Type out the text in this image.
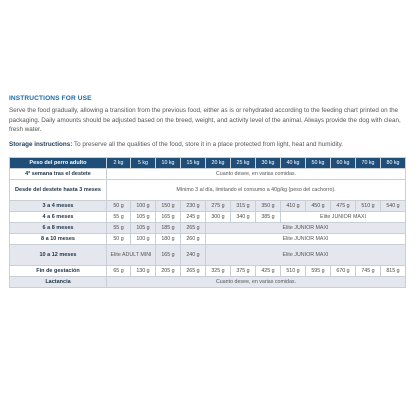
INSTRUCTIONS FOR USE
Serve the food gradually, allowing a transition from the previous food, either as is or rehydrated according to the feeding chart printed on the packaging. Daily amounts should be adjusted based on the breed, weight, and activity level of the animal. Always provide the dog with clean, fresh water.
Storage instructions: To preserve all the qualities of the food, store it in a place protected from light, heat and humidity.
Peso del perro adulto	2 kg	5 kg	10 kg	15 kg	20 kg	25 kg	30 kg	40 kg	50 kg	60 kg	70 kg	80 kg
4ª semana tras el destete	Cuanto desee, en varias comidas.											
Desde del destete hasta 3 meses	Mínimo 3 al día, limitando el consumo a 40g/kg (peso del cachorro).											
3 a 4 meses	50 g	100 g	150 g	230 g	275 g	315 g	350 g	410 g	450 g	475 g	510 g	540 g
4 a 6 meses	55 g	105 g	165 g	245 g	300 g	340 g	385 g	Elite JUNIOR MAXI				
6 a 8 meses	55 g	105 g	185 g	265 g	Elite JUNIOR MAXI							
8 a 10 meses	50 g	100 g	180 g	260 g	Elite JUNIOR MAXI							
10 a 12 meses	Elite ADULT MINI		165 g	240 g	Elite JUNIOR MAXI							
Fin de gestación	65 g	130 g	205 g	265 g	325 g	375 g	425 g	510 g	595 g	670 g	745 g	815 g
Lactancia	Cuanto desee, en varias comidas.											
